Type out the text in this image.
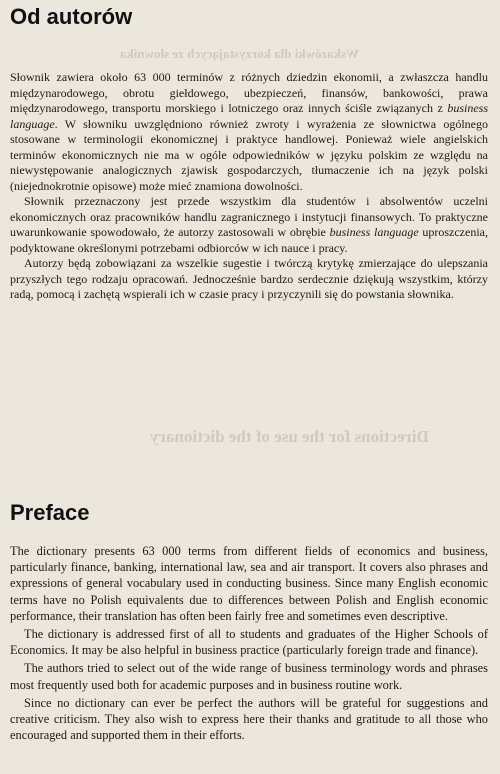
Wskazówki dla korzystających ze słownika
Directions for the use of the dictionary
Od autorów

Słownik zawiera około 63 000 terminów z różnych dziedzin ekonomii, a zwłaszcza handlu międzynarodowego, obrotu giełdowego, ubezpieczeń, finansów, bankowości, prawa międzynarodowego, transportu morskiego i lotniczego oraz innych ściśle związanych z business language. W słowniku uwzględniono również zwroty i wyrażenia ze słownictwa ogólnego stosowane w terminologii ekonomicznej i praktyce handlowej. Ponieważ wiele angielskich terminów ekonomicznych nie ma w ogóle odpowiedników w języku polskim ze względu na niewystępowanie analogicznych zjawisk gospodarczych, tłumaczenie ich na język polski (niejednokrotnie opisowe) może mieć znamiona dowolności.

Słownik przeznaczony jest przede wszystkim dla studentów i absolwentów uczelni ekonomicznych oraz pracowników handlu zagranicznego i instytucji finansowych. To praktyczne uwarunkowanie spowodowało, że autorzy zastosowali w obrębie business language uproszczenia, podyktowane określonymi potrzebami odbiorców w ich nauce i pracy.

Autorzy będą zobowiązani za wszelkie sugestie i twórczą krytykę zmierzające do ulepszania przyszłych tego rodzaju opracowań. Jednocześnie bardzo serdecznie dziękują wszystkim, którzy radą, pomocą i zachętą wspierali ich w czasie pracy i przyczynili się do powstania słownika.

Preface

The dictionary presents 63 000 terms from different fields of economics and business, particularly finance, banking, international law, sea and air transport. It covers also phrases and expressions of general vocabulary used in conducting business. Since many English economic terms have no Polish equivalents due to differences between Polish and English economic performance, their translation has often been fairly free and sometimes even descriptive.

The dictionary is addressed first of all to students and graduates of the Higher Schools of Economics. It may be also helpful in business practice (particularly foreign trade and finance).

The authors tried to select out of the wide range of business terminology words and phrases most frequently used both for academic purposes and in business routine work.

Since no dictionary can ever be perfect the authors will be grateful for suggestions and creative criticism. They also wish to express here their thanks and gratitude to all those who encouraged and supported them in their efforts.
